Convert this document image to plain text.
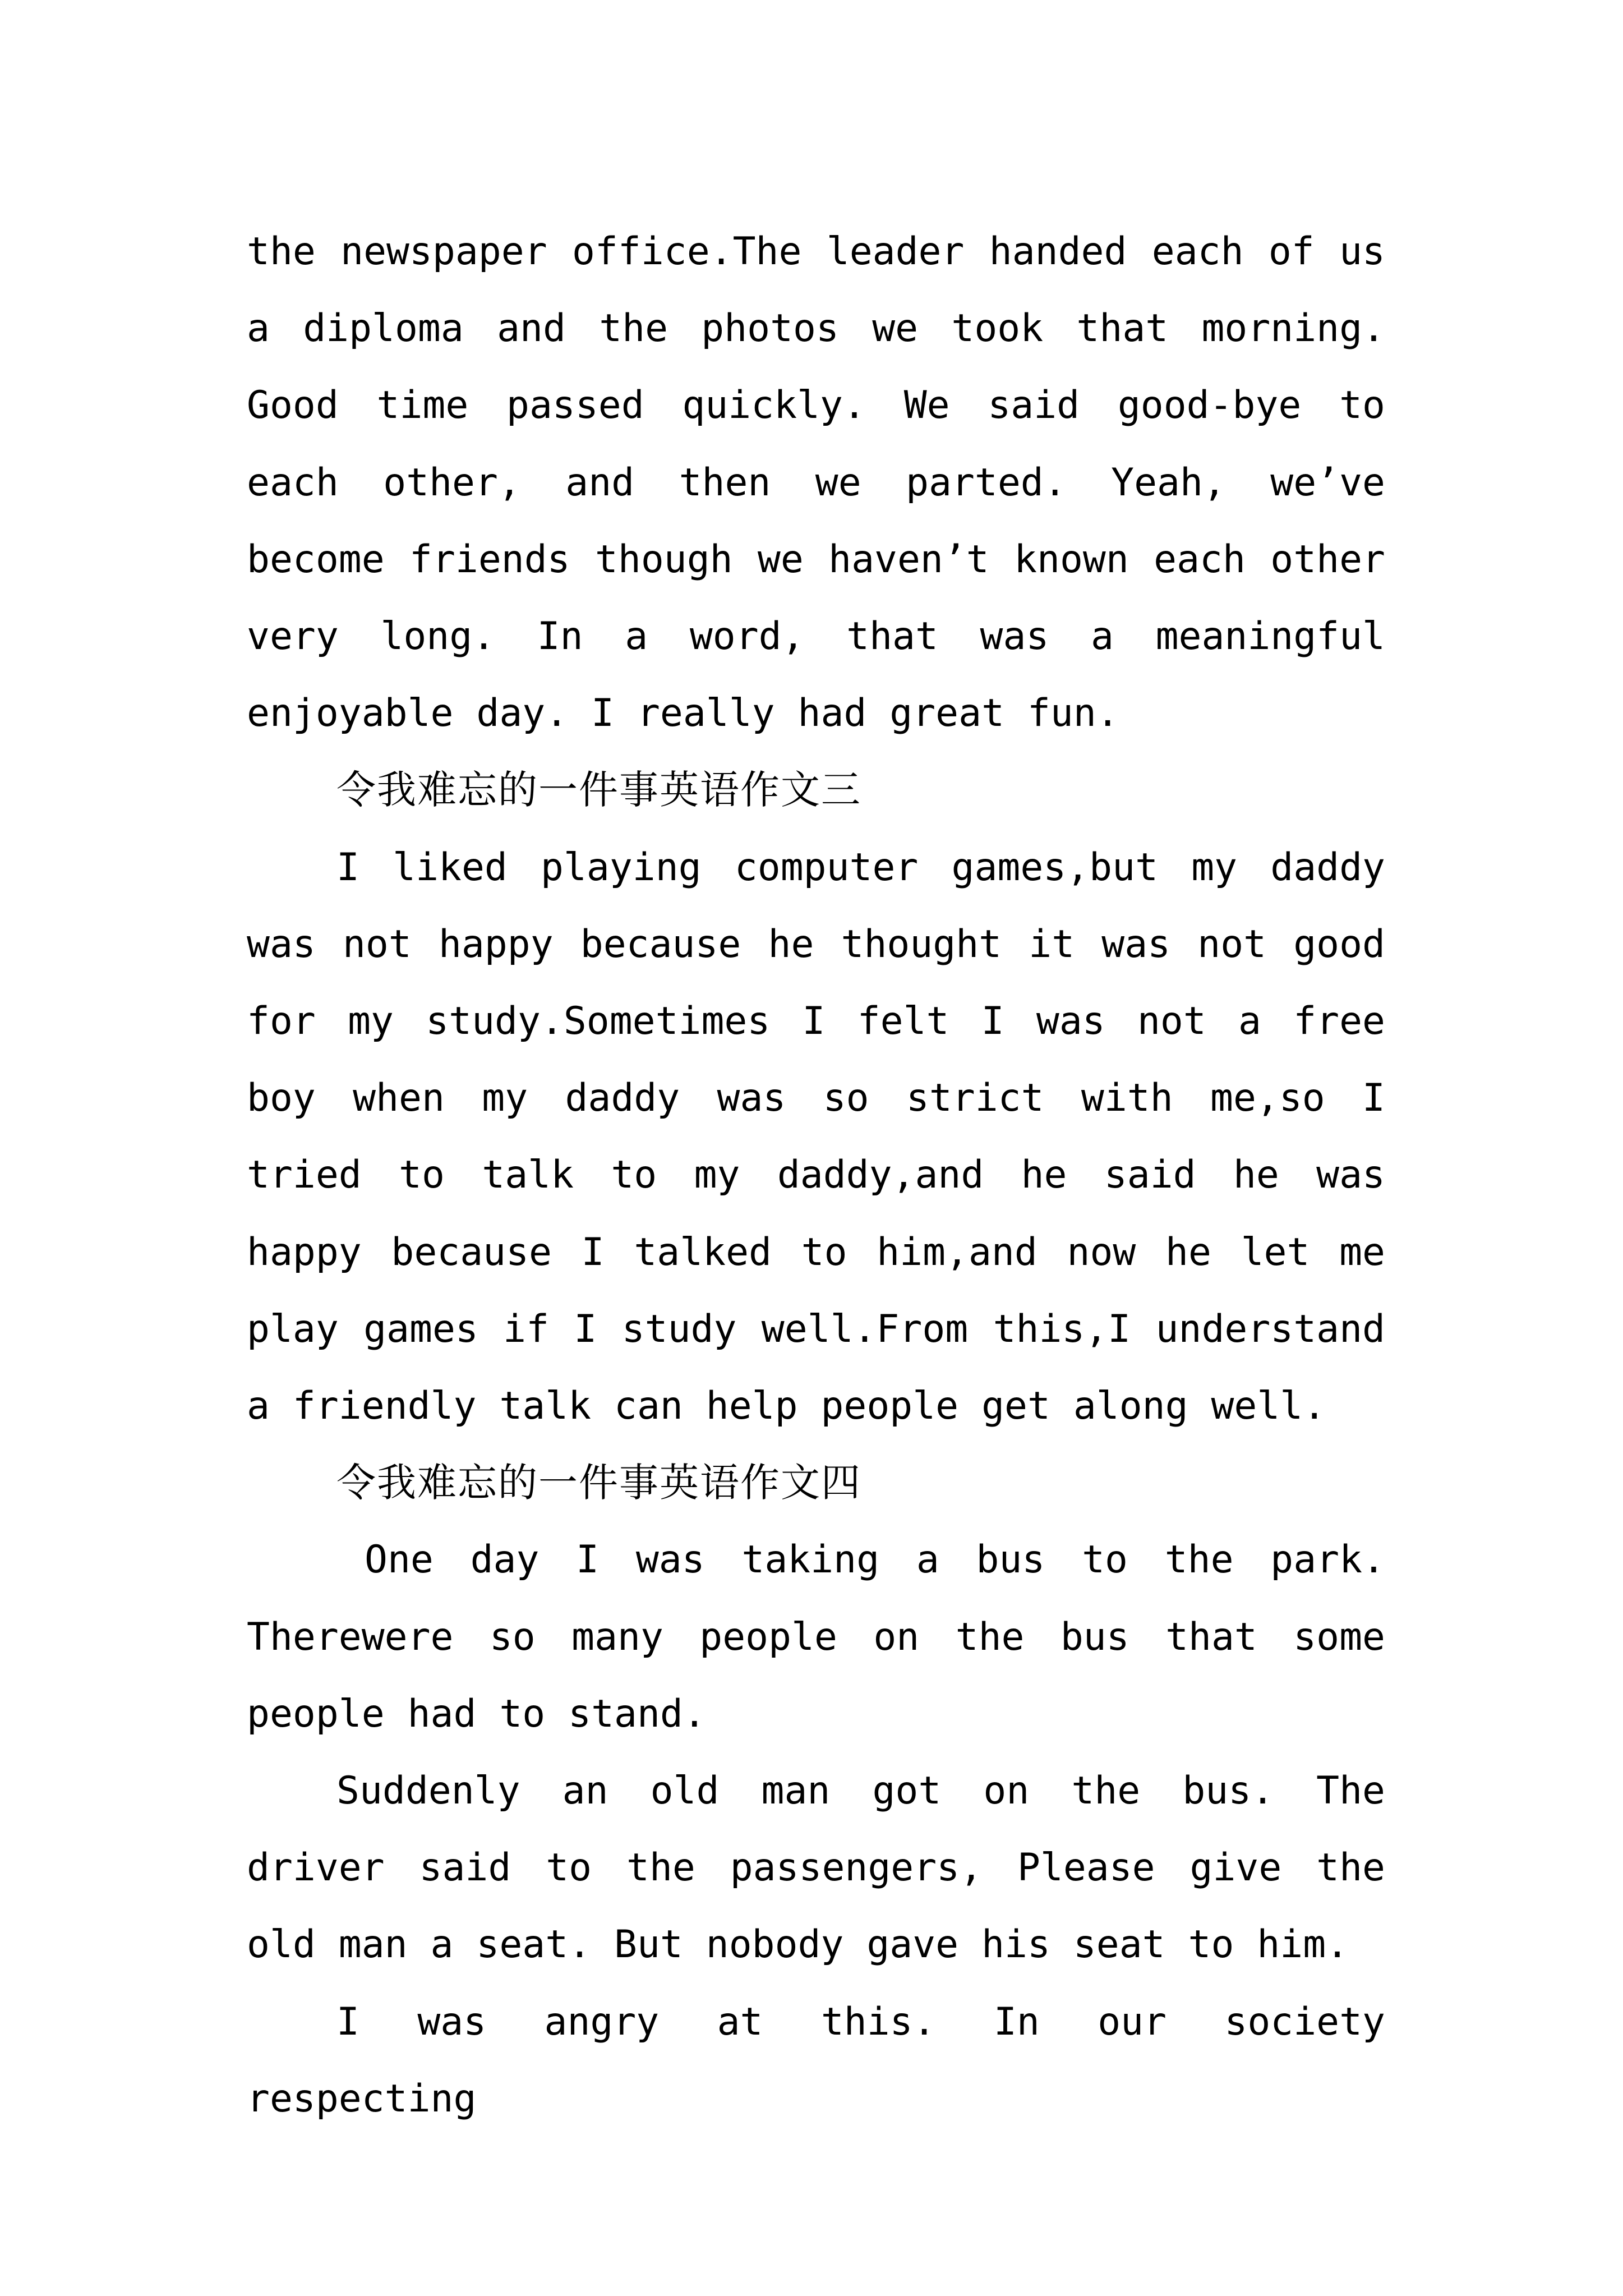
the newspaper office.The leader handed each of us a diploma and the photos we took that morning. Good time passed quickly. We said good-bye to each other, and then we parted. Yeah, we’ve become friends though we haven’t known each other very long. In a word, that was a meaningful enjoyable day. I really had great fun.

令我难忘的一件事英语作文三

I liked playing computer games,but my daddy was not happy because he thought it was not good for my study.Sometimes I felt I was not a free boy when my daddy was so strict with me,so I tried to talk to my daddy,and he said he was happy because I talked to him,and now he let me play games if I study well.From this,I understand a friendly talk can help people get along well.

令我难忘的一件事英语作文四

One day I was taking a bus to the park. Therewere so many people on the bus that some people had to stand.

Suddenly an old man got on the bus. The driver said to the passengers, Please give the old man a seat. But nobody gave his seat to him.

I was angry at this. In our society respecting
